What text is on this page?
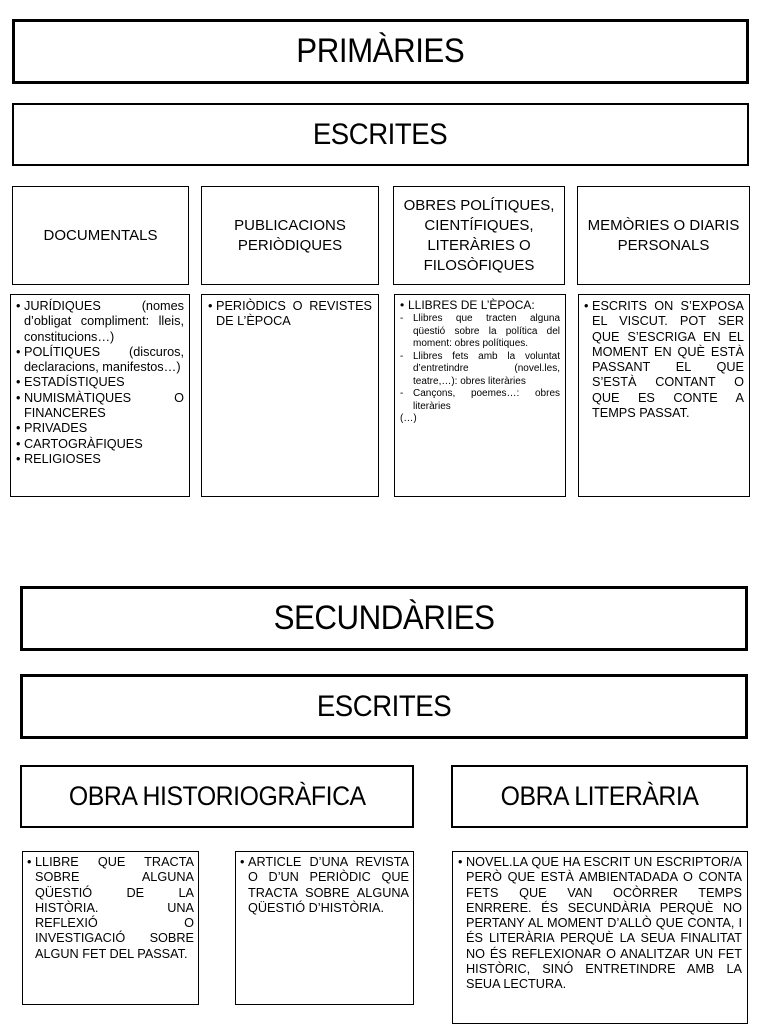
PRIMÀRIES
ESCRITES
DOCUMENTALS
PUBLICACIONS PERIÒDIQUES
OBRES POLÍTIQUES, CIENTÍFIQUES, LITERÀRIES O FILOSÒFIQUES
MEMÒRIES O DIARIS PERSONALS
• JURÍDIQUES (nomes d’obligat compliment: lleis, constitucions…)
• POLÍTIQUES (discuros, declaracions, manifestos…)
• ESTADÍSTIQUES
• NUMISMÀTIQUES O FINANCERES
• PRIVADES
• CARTOGRÀFIQUES
• RELIGIOSES
• PERIÒDICS O REVISTES DE L’ÈPOCA
• LLIBRES DE L’ÈPOCA:
- Llibres que tracten alguna qüestió sobre la política del moment: obres polítiques.
- Llibres fets amb la voluntat d’entretindre (novel.les, teatre,…): obres literàries
- Cançons, poemes…: obres literàries
(…)
• ESCRITS ON S’EXPOSA EL VISCUT. POT SER QUE S’ESCRIGA EN EL MOMENT EN QUÈ ESTÀ PASSANT EL QUE S’ESTÀ CONTANT O QUE ES CONTE A TEMPS PASSAT.
SECUNDÀRIES
ESCRITES
OBRA HISTORIOGRÀFICA	OBRA LITERÀRIA
• LLIBRE QUE TRACTA SOBRE ALGUNA QÜESTIÓ DE LA HISTÒRIA. UNA REFLEXIÓ O INVESTIGACIÓ SOBRE ALGUN FET DEL PASSAT.
• ARTICLE D’UNA REVISTA O D’UN PERIÒDIC QUE TRACTA SOBRE ALGUNA QÜESTIÓ D’HISTÒRIA.
• NOVEL.LA QUE HA ESCRIT UN ESCRIPTOR/A PERÒ QUE ESTÀ AMBIENTADADA O CONTA FETS QUE VAN OCÒRRER TEMPS ENRRERE. ÉS SECUNDÀRIA PERQUÈ NO PERTANY AL MOMENT D’ALLÒ QUE CONTA, I ÉS LITERÀRIA PERQUÈ LA SEUA FINALITAT NO ÉS REFLEXIONAR O ANALITZAR UN FET HISTÒRIC, SINÓ ENTRETINDRE AMB LA SEUA LECTURA.
